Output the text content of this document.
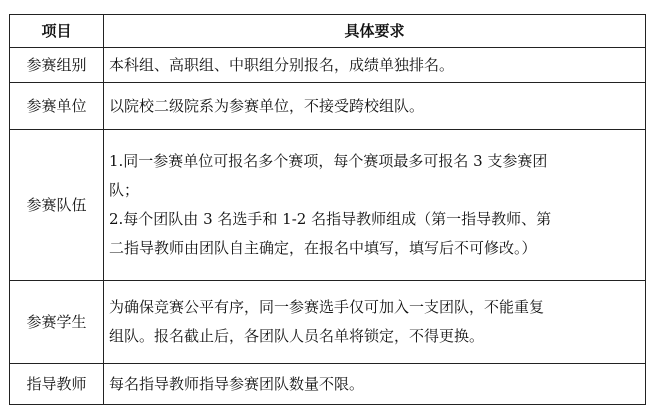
项目	具体要求
参赛组别	本科组、高职组、中职组分别报名，成绩单独排名。

参赛单位	以院校二级院系为参赛单位，不接受跨校组队。

参赛队伍	1.同一参赛单位可报名多个赛项，每个赛项最多可报名 3 支参赛团
队；
2.每个团队由 3 名选手和 1-2 名指导教师组成（第一指导教师、第
二指导教师由团队自主确定，在报名中填写，填写后不可修改。）

参赛学生	为确保竞赛公平有序，同一参赛选手仅可加入一支团队，不能重复
组队。报名截止后，各团队人员名单将锁定，不得更换。

指导教师	每名指导教师指导参赛团队数量不限。
